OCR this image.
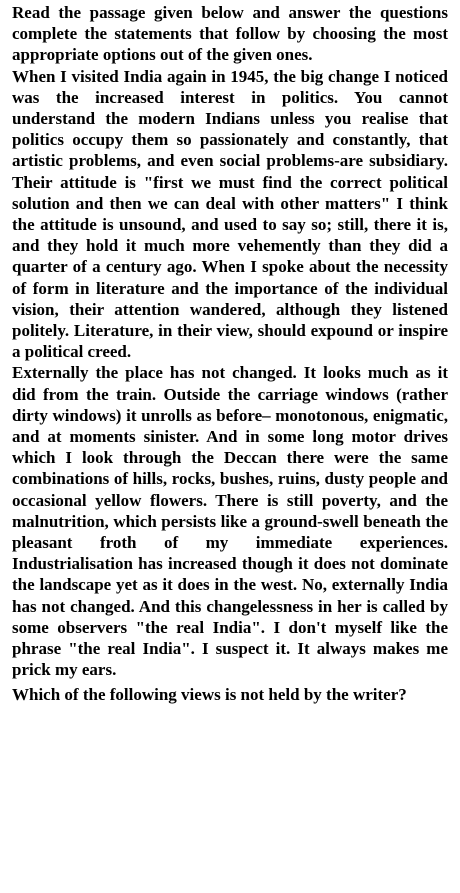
Read the passage given below and answer the questions complete the statements that follow by choosing the most appropriate options out of the given ones.

When I visited India again in 1945, the big change I noticed was the increased interest in politics. You cannot understand the modern Indians unless you realise that politics occupy them so passionately and constantly, that artistic problems, and even social problems-are subsidiary. Their attitude is "first we must find the correct political solution and then we can deal with other matters" I think the attitude is unsound, and used to say so; still, there it is, and they hold it much more vehemently than they did a quarter of a century ago. When I spoke about the necessity of form in literature and the importance of the individual vision, their attention wandered, although they listened politely. Literature, in their view, should expound or inspire a political creed.

Externally the place has not changed. It looks much as it did from the train. Outside the carriage windows (rather dirty windows) it unrolls as before– monotonous, enigmatic, and at moments sinister. And in some long motor drives which I look through the Deccan there were the same combinations of hills, rocks, bushes, ruins, dusty people and occasional yellow flowers. There is still poverty, and the malnutrition, which persists like a ground-swell beneath the pleasant froth of my immediate experiences. Industrialisation has increased though it does not dominate the landscape yet as it does in the west. No, externally India has not changed. And this changelessness in her is called by some observers "the real India". I don't myself like the phrase "the real India". I suspect it. It always makes me prick my ears.

Which of the following views is not held by the writer?
